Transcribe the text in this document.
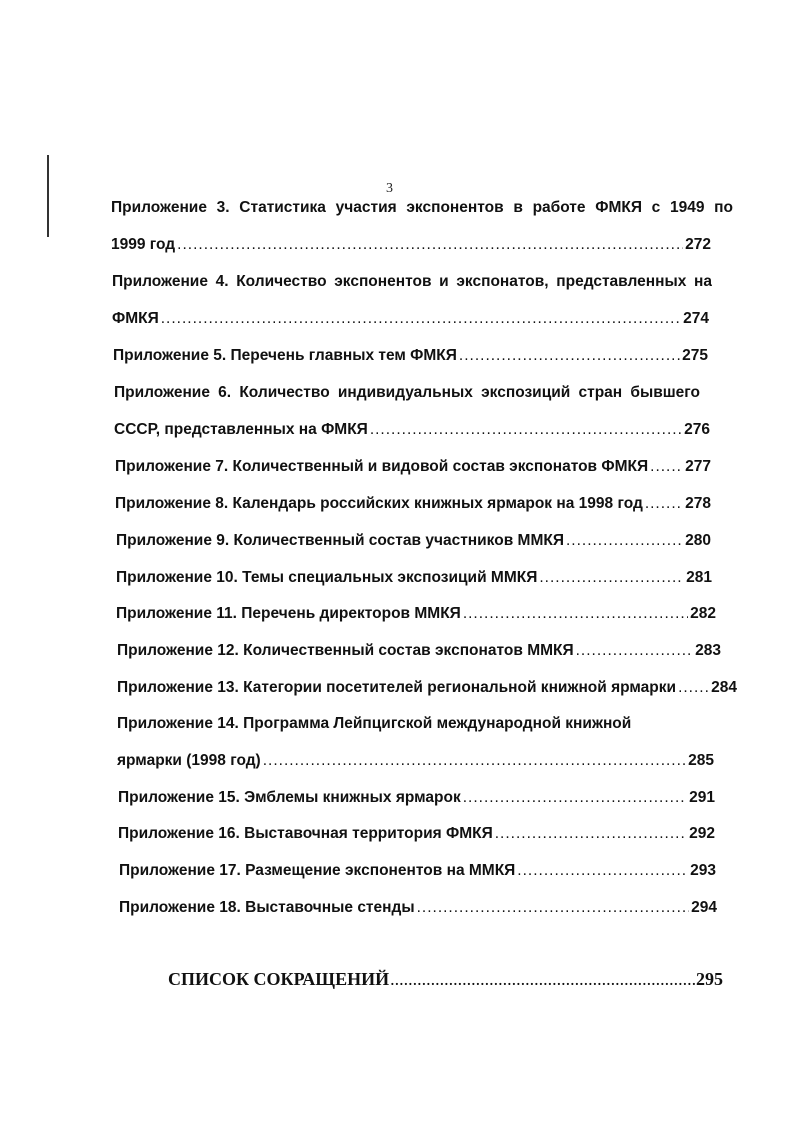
3
Приложение 3. Статистика участия экспонентов в работе ФМКЯ с 1949 по
1999 год .....	272
Приложение 4. Количество экспонентов и экспонатов, представленных на
ФМКЯ .....	274
Приложение 5. Перечень главных тем ФМКЯ .....	275
Приложение 6. Количество индивидуальных экспозиций стран бывшего
СССР, представленных на ФМКЯ .....	276
Приложение 7. Количественный и видовой состав экспонатов ФМКЯ ..... 277
Приложение 8. Календарь российских книжных ярмарок на 1998 год .....	278
Приложение 9. Количественный состав участников ММКЯ .....	280
Приложение 10. Темы специальных экспозиций ММКЯ .....	281
Приложение 11. Перечень директоров ММКЯ .....	282
Приложение 12. Количественный состав экспонатов ММКЯ .....	283
Приложение 13. Категории посетителей региональной книжной ярмарки ..... 284
Приложение 14. Программа Лейпцигской международной книжной
ярмарки (1998 год) .....	285
Приложение 15. Эмблемы книжных ярмарок .....	291
Приложение 16. Выставочная территория ФМКЯ .....	292
Приложение 17. Размещение экспонентов на ММКЯ .....	293
Приложение 18. Выставочные стенды .....	294
СПИСОК СОКРАЩЕНИЙ .....	295
